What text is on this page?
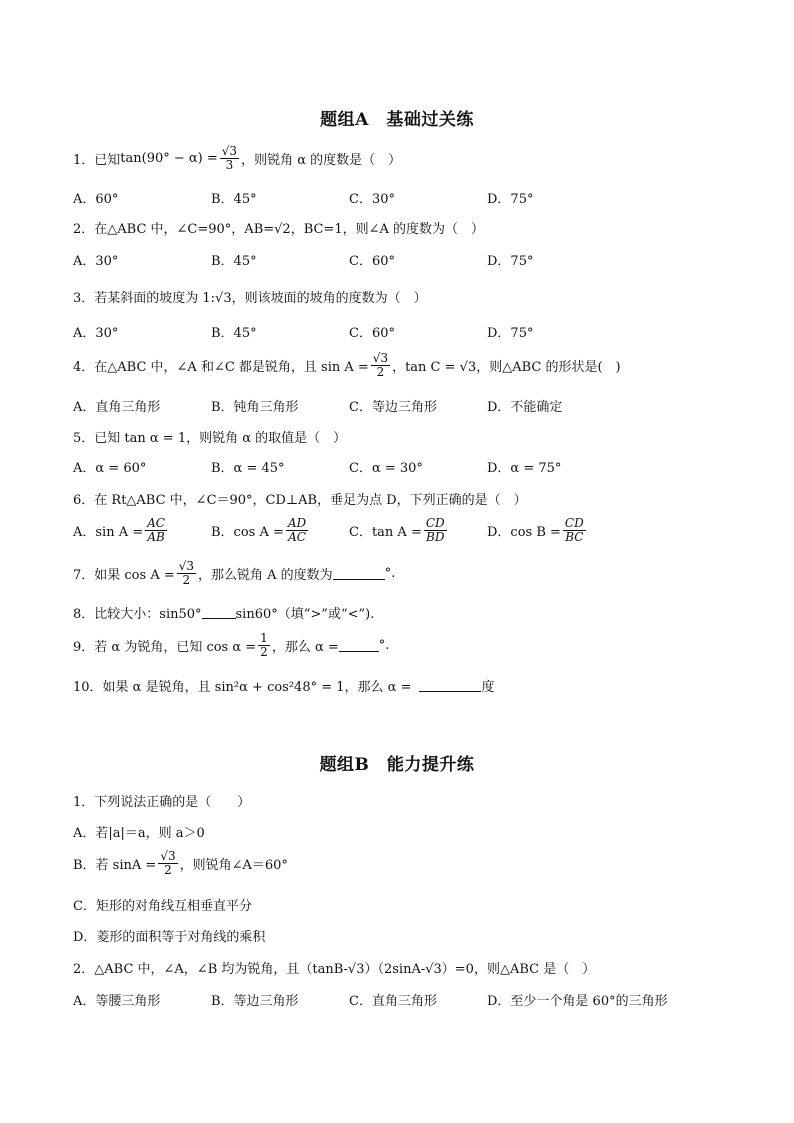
题组A　基础过关练
1．已知 $\tan(90^\circ - \alpha) = \frac{√3}{3}$ ，则锐角 α 的度数是（　）
A．60°	B．45°	C．30°	D．75°
2．在△ABC 中，∠C=90°，AB=√2，BC=1，则∠A 的度数为（　）
A．30°	B．45°	C．60°	D．75°
3．若某斜面的坡度为 1:√3，则该坡面的坡角的度数为（　）
A．30°	B．45°	C．60°	D．75°
4．在△ABC 中，∠A 和∠C 都是锐角，且 $\sin A = \frac{√3}{2}$ ，tan C = √3，则△ABC 的形状是(　)
A．直角三角形	B．钝角三角形	C．等边三角形	D．不能确定
5．已知 tan α = 1，则锐角 α 的取值是（　）
A．α = 60°	B．α = 45°	C．α = 30°	D．α = 75°
6．在 Rt△ABC 中，∠C＝90°，CD⊥AB，垂足为点 D，下列正确的是（　）
A．$\sin A = \frac{AC}{AB}$	B．$\cos A = \frac{AD}{AC}$	C．$\tan A = \frac{CD}{BD}$	D．$\cos B = \frac{CD}{BC}$
7．如果 $\cos A = \frac{√3}{2}$ ，那么锐角 A 的度数为	°.
8．比较大小：sin50°	sin60°（填“>”或“<”).
9．若 α 为锐角，已知 $\cos \alpha = \frac{1}{2}$ ，那么 α =	°.
10．如果 α 是锐角，且 sin²α + cos²48° = 1，那么 α =	度
题组B　能力提升练
1．下列说法正确的是（　　）
A．若|a|＝a，则 a＞0
B．若 $\sin A = \frac{√3}{2}$ ，则锐角∠A＝60°
C．矩形的对角线互相垂直平分
D．菱形的面积等于对角线的乘积
2．△ABC 中，∠A，∠B 均为锐角，且（tanB-√3）（2sinA-√3）=0，则△ABC 是（　）
A．等腰三角形	B．等边三角形	C．直角三角形	D．至少一个角是 60°的三角形
